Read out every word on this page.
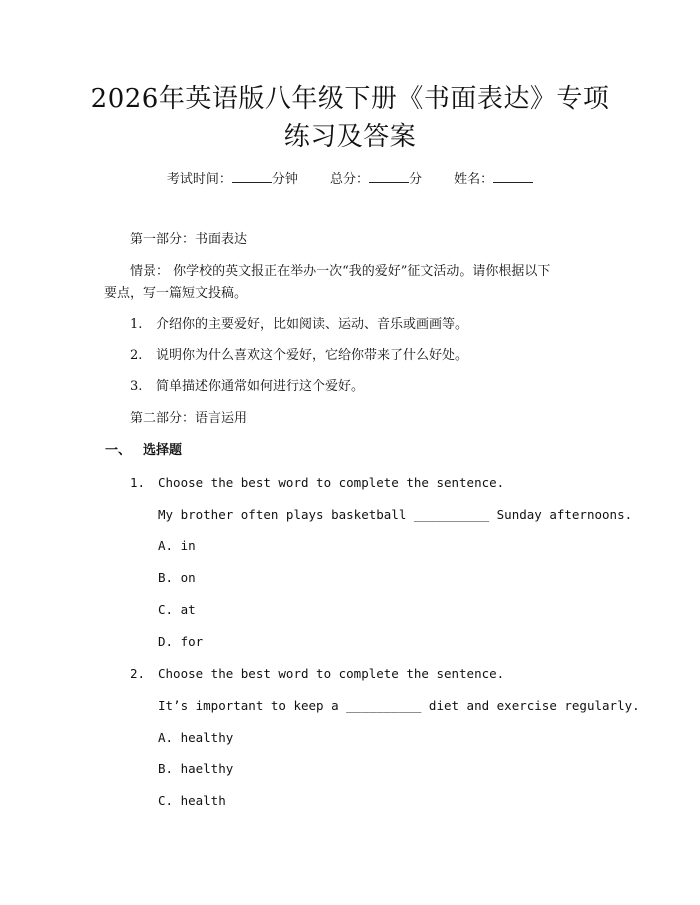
2026年英语版八年级下册《书面表达》专项
练习及答案
考试时间：	分钟 总分：	分 姓名：
第一部分：书面表达
情景： 你学校的英文报正在举办一次“我的爱好”征文活动。请你根据以下
要点，写一篇短文投稿。
1. 介绍你的主要爱好，比如阅读、运动、音乐或画画等。
2. 说明你为什么喜欢这个爱好，它给你带来了什么好处。
3. 简单描述你通常如何进行这个爱好。
第二部分：语言运用
一、 选择题
1. Choose the best word to complete the sentence.
My brother often plays basketball __________ Sunday afternoons.
A. in
B. on
C. at
D. for
2. Choose the best word to complete the sentence.
It’s important to keep a __________ diet and exercise regularly.
A. healthy
B. haelthy
C. health
